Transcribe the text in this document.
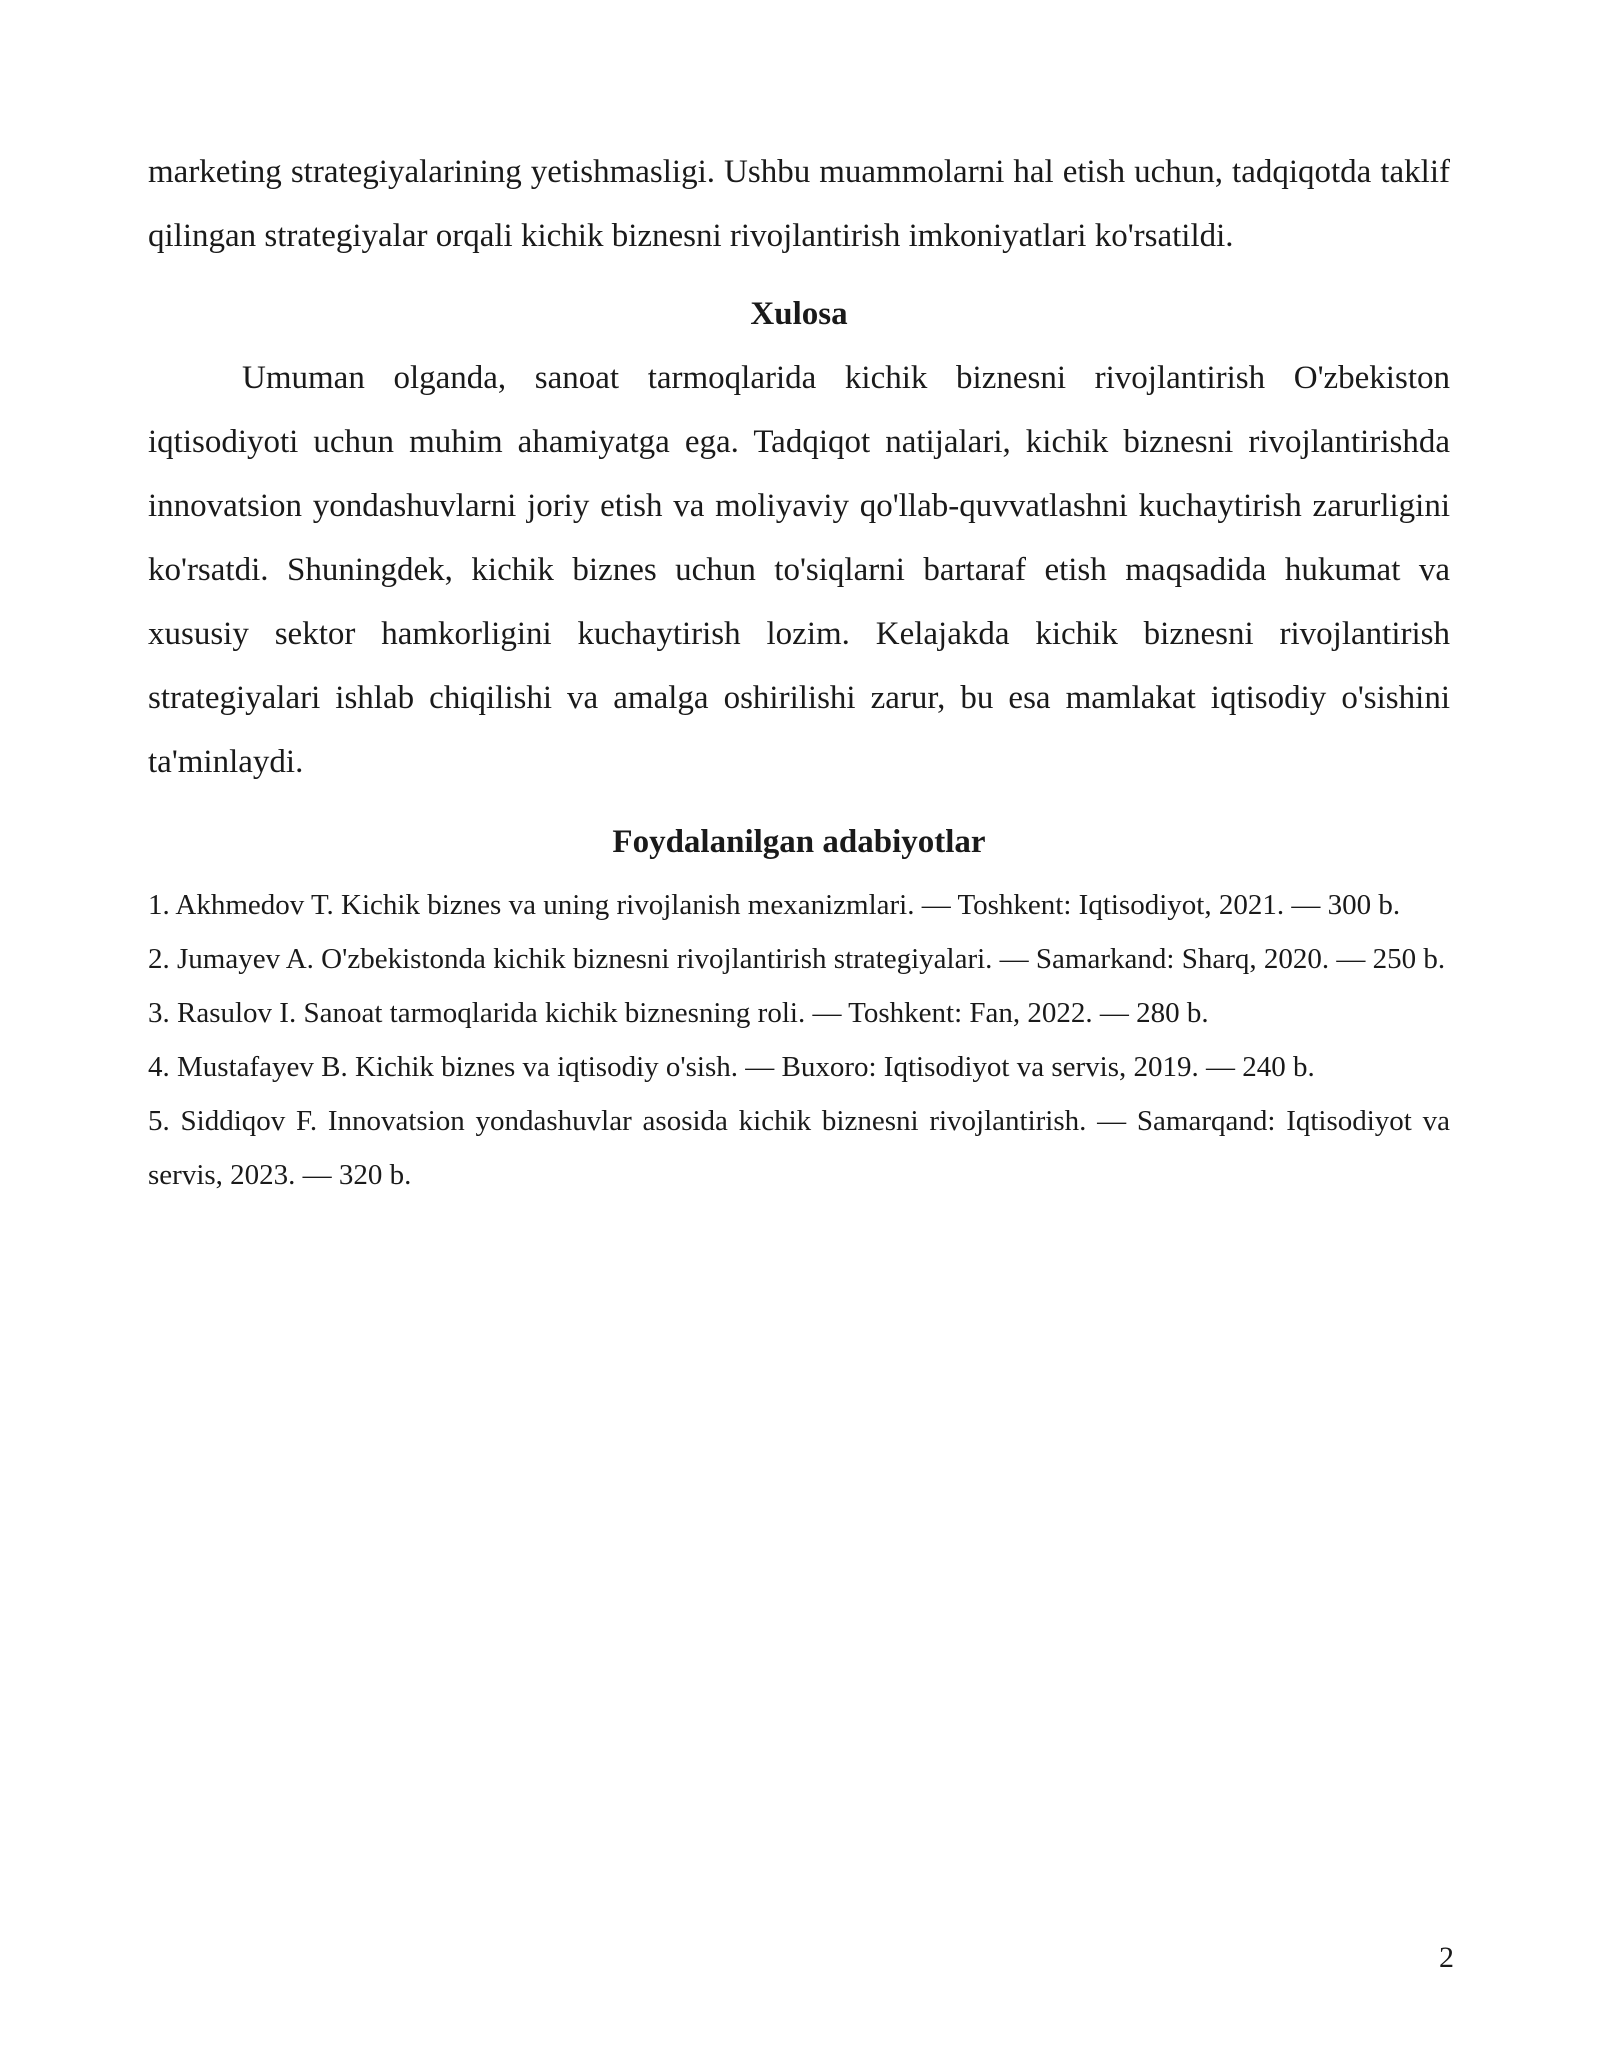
marketing strategiyalarining yetishmasligi. Ushbu muammolarni hal etish uchun, tadqiqotda taklif qilingan strategiyalar orqali kichik biznesni rivojlantirish imkoniyatlari ko'rsatildi.

Xulosa

Umuman olganda, sanoat tarmoqlarida kichik biznesni rivojlantirish O'zbekiston iqtisodiyoti uchun muhim ahamiyatga ega. Tadqiqot natijalari, kichik biznesni rivojlantirishda innovatsion yondashuvlarni joriy etish va moliyaviy qo'llab-quvvatlashni kuchaytirish zarurligini ko'rsatdi. Shuningdek, kichik biznes uchun to'siqlarni bartaraf etish maqsadida hukumat va xususiy sektor hamkorligini kuchaytirish lozim. Kelajakda kichik biznesni rivojlantirish strategiyalari ishlab chiqilishi va amalga oshirilishi zarur, bu esa mamlakat iqtisodiy o'sishini ta'minlaydi.

Foydalanilgan adabiyotlar
1. Akhmedov T. Kichik biznes va uning rivojlanish mexanizmlari. — Toshkent: Iqtisodiyot, 2021. — 300 b.
2. Jumayev A. O'zbekistonda kichik biznesni rivojlantirish strategiyalari. — Samarkand: Sharq, 2020. — 250 b.
3. Rasulov I. Sanoat tarmoqlarida kichik biznesning roli. — Toshkent: Fan, 2022. — 280 b.
4. Mustafayev B. Kichik biznes va iqtisodiy o'sish. — Buxoro: Iqtisodiyot va servis, 2019. — 240 b.
5. Siddiqov F. Innovatsion yondashuvlar asosida kichik biznesni rivojlantirish. — Samarqand: Iqtisodiyot va servis, 2023. — 320 b.
2
